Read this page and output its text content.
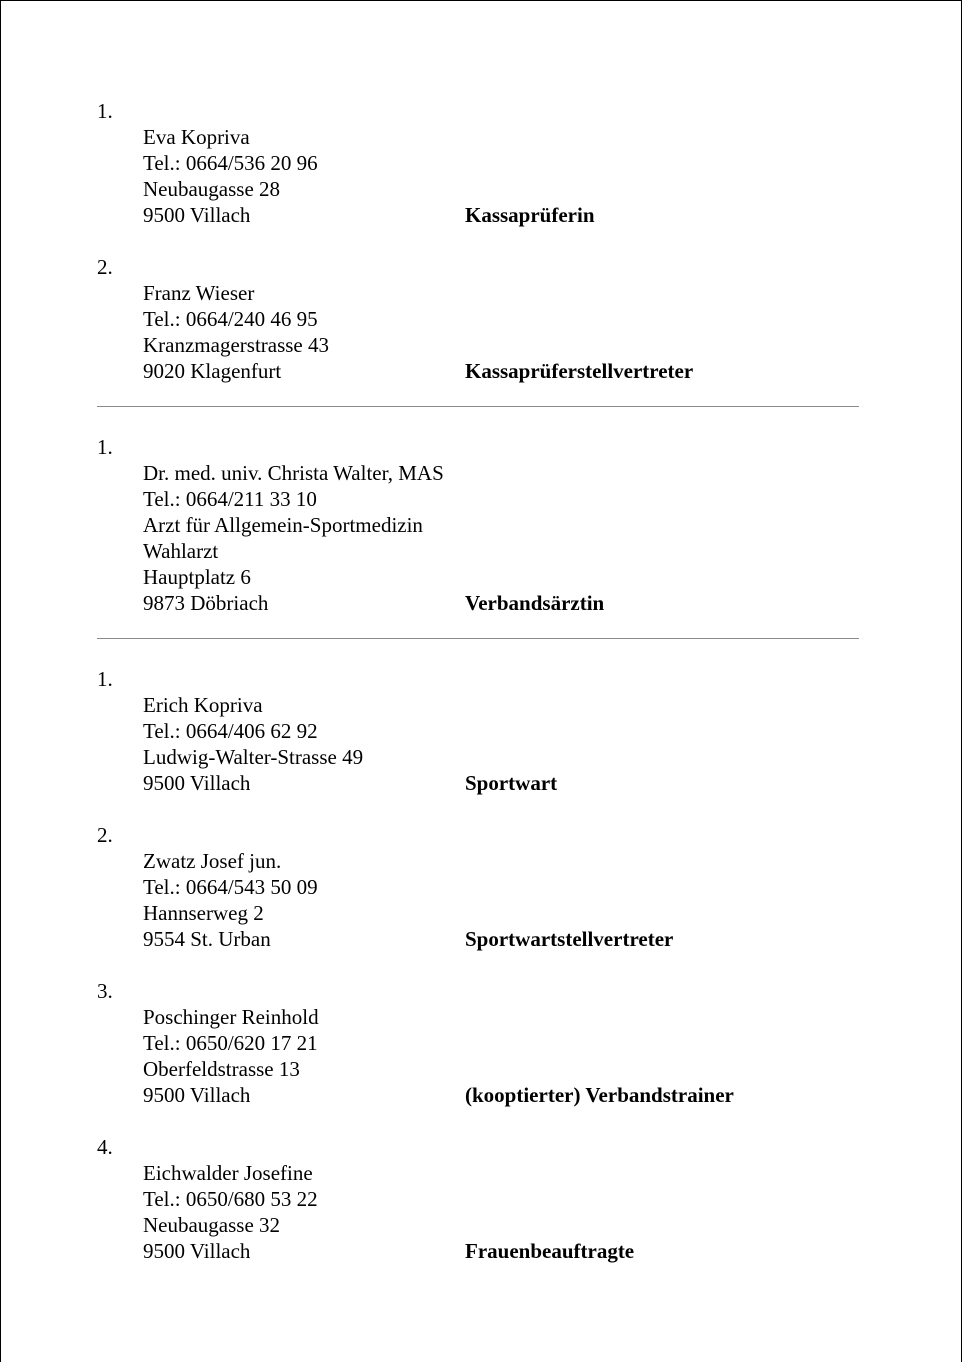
1.
Eva Kopriva
Tel.: 0664/536 20 96
Neubaugasse 28
9500 Villach	Kassaprüferin
2.
Franz Wieser
Tel.: 0664/240 46 95
Kranzmagerstrasse 43
9020 Klagenfurt	Kassaprüferstellvertreter
1.
Dr. med. univ. Christa Walter, MAS
Tel.: 0664/211 33 10
Arzt für Allgemein-Sportmedizin
Wahlarzt
Hauptplatz 6
9873 Döbriach	Verbandsärztin
1.
Erich Kopriva
Tel.: 0664/406 62 92
Ludwig-Walter-Strasse 49
9500 Villach	Sportwart
2.
Zwatz Josef jun.
Tel.: 0664/543 50 09
Hannserweg 2
9554 St. Urban	Sportwartstellvertreter
3.
Poschinger Reinhold
Tel.: 0650/620 17 21
Oberfeldstrasse 13
9500 Villach	(kooptierter) Verbandstrainer
4.
Eichwalder Josefine
Tel.: 0650/680 53 22
Neubaugasse 32
9500 Villach	Frauenbeauftragte
